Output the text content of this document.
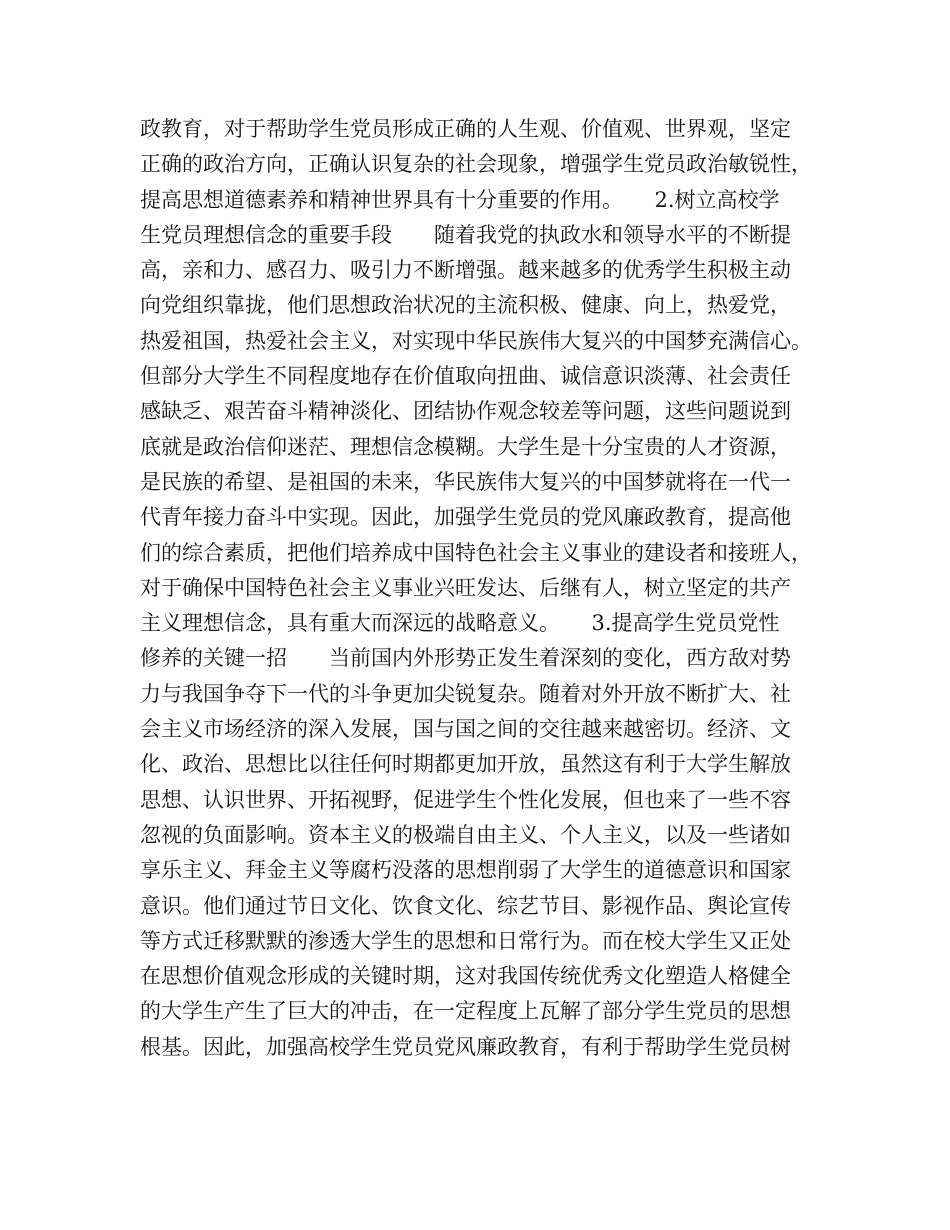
政教育，对于帮助学生党员形成正确的人生观、价值观、世界观，坚定
正确的政治方向，正确认识复杂的社会现象，增强学生党员政治敏锐性，
提高思想道德素养和精神世界具有十分重要的作用。　　2.树立高校学
生党员理想信念的重要手段　　随着我党的执政水和领导水平的不断提
高，亲和力、感召力、吸引力不断增强。越来越多的优秀学生积极主动
向党组织靠拢，他们思想政治状况的主流积极、健康、向上，热爱党，
热爱祖国，热爱社会主义，对实现中华民族伟大复兴的中国梦充满信心。
但部分大学生不同程度地存在价值取向扭曲、诚信意识淡薄、社会责任
感缺乏、艰苦奋斗精神淡化、团结协作观念较差等问题，这些问题说到
底就是政治信仰迷茫、理想信念模糊。大学生是十分宝贵的人才资源，
是民族的希望、是祖国的未来，华民族伟大复兴的中国梦就将在一代一
代青年接力奋斗中实现。因此，加强学生党员的党风廉政教育，提高他
们的综合素质，把他们培养成中国特色社会主义事业的建设者和接班人，
对于确保中国特色社会主义事业兴旺发达、后继有人，树立坚定的共产
主义理想信念，具有重大而深远的战略意义。　　3.提高学生党员党性
修养的关键一招　　当前国内外形势正发生着深刻的变化，西方敌对势
力与我国争夺下一代的斗争更加尖锐复杂。随着对外开放不断扩大、社
会主义市场经济的深入发展，国与国之间的交往越来越密切。经济、文
化、政治、思想比以往任何时期都更加开放，虽然这有利于大学生解放
思想、认识世界、开拓视野，促进学生个性化发展，但也来了一些不容
忽视的负面影响。资本主义的极端自由主义、个人主义，以及一些诸如
享乐主义、拜金主义等腐朽没落的思想削弱了大学生的道德意识和国家
意识。他们通过节日文化、饮食文化、综艺节目、影视作品、舆论宣传
等方式迁移默默的渗透大学生的思想和日常行为。而在校大学生又正处
在思想价值观念形成的关键时期，这对我国传统优秀文化塑造人格健全
的大学生产生了巨大的冲击，在一定程度上瓦解了部分学生党员的思想
根基。因此，加强高校学生党员党风廉政教育，有利于帮助学生党员树
